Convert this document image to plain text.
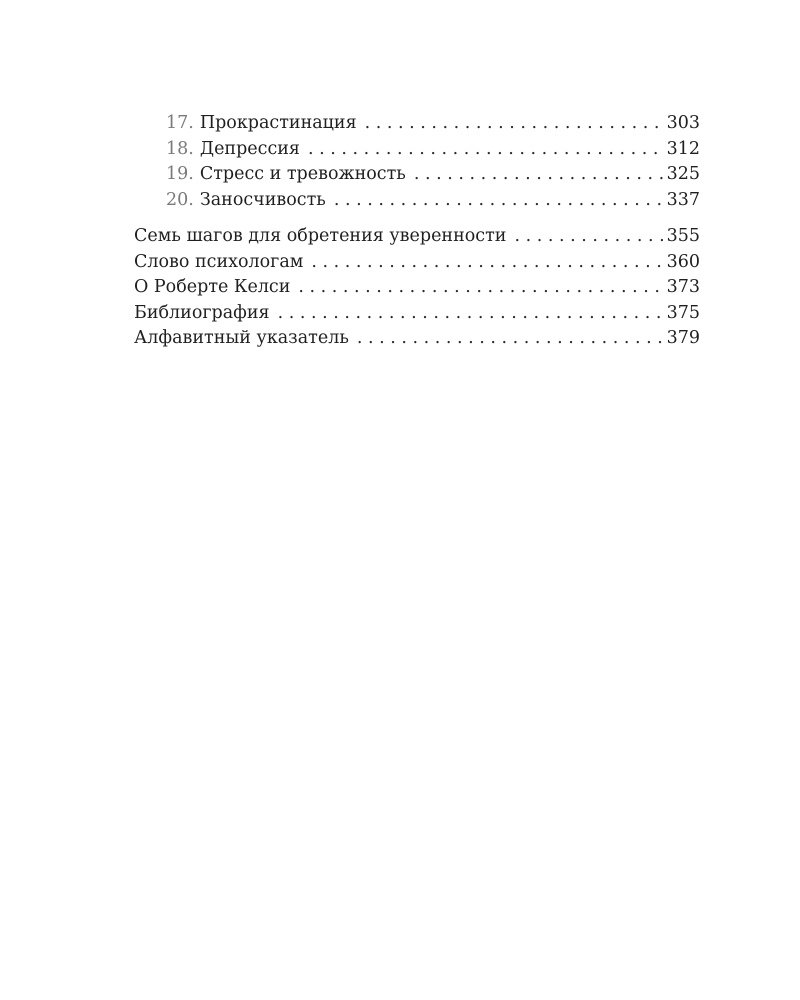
17. Прокрастинация . . .	303
18. Депрессия . . .	312
19. Стресс и тревожность . . .	325
20. Заносчивость . . .	337
Семь шагов для обретения уверенности . . .	355
Слово психологам . . .	360
О Роберте Келси . . .	373
Библиография . . .	375
Алфавитный указатель . . .	379
